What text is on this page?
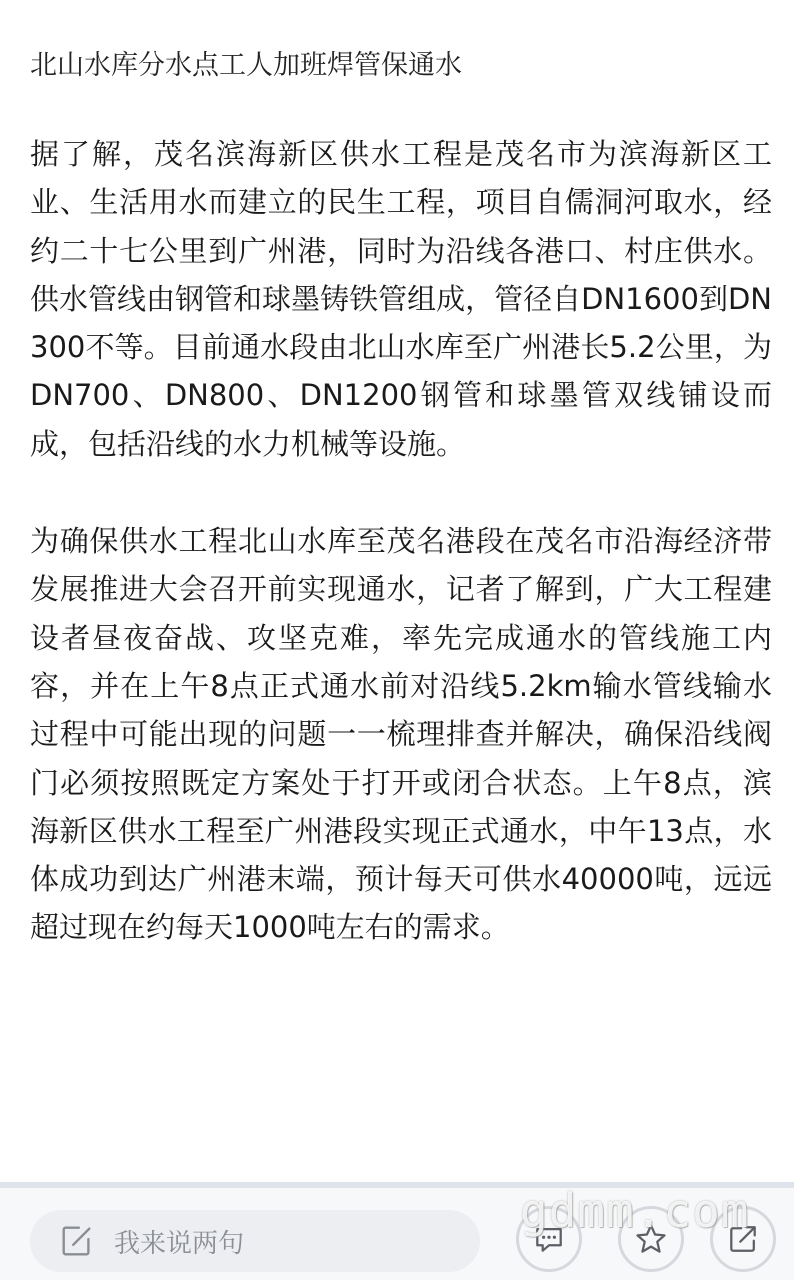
北山水库分水点工人加班焊管保通水

据了解，茂名滨海新区供水工程是茂名市为滨海新区工业、生活用水而建立的民生工程，项目自儒洞河取水，经约二十七公里到广州港，同时为沿线各港口、村庄供水。供水管线由钢管和球墨铸铁管组成，管径自DN1600到DN300不等。目前通水段由北山水库至广州港长5.2公里，为DN700、DN800、DN1200钢管和球墨管双线铺设而成，包括沿线的水力机械等设施。

为确保供水工程北山水库至茂名港段在茂名市沿海经济带发展推进大会召开前实现通水，记者了解到，广大工程建设者昼夜奋战、攻坚克难，率先完成通水的管线施工内容，并在上午8点正式通水前对沿线5.2km输水管线输水过程中可能出现的问题一一梳理排查并解决，确保沿线阀门必须按照既定方案处于打开或闭合状态。上午8点，滨海新区供水工程至广州港段实现正式通水，中午13点，水体成功到达广州港末端，预计每天可供水40000吨，远远超过现在约每天1000吨左右的需求。

我来说两句
gdmm.com
